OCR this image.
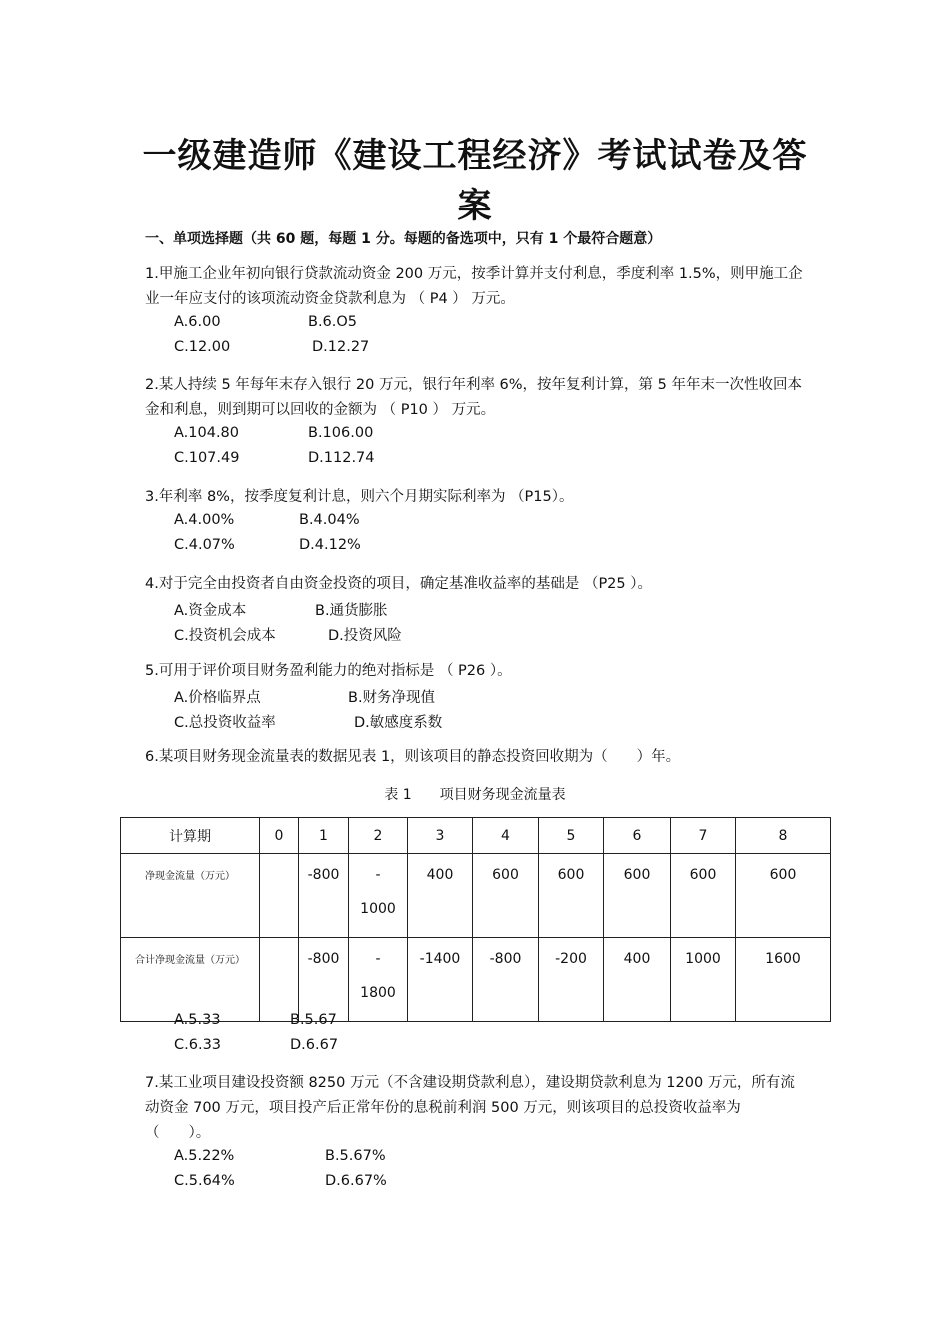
一级建造师《建设工程经济》考试试卷及答
案
一、单项选择题（共 60 题，每题 1 分。每题的备选项中，只有 1 个最符合题意）
1.甲施工企业年初向银行贷款流动资金 200 万元，按季计算并支付利息，季度利率 1.5%，则甲施工企业一年应支付的该项流动资金贷款利息为 （ P4 ） 万元。
A.6.00	B.6.O5
C.12.00	D.12.27
2.某人持续 5 年每年末存入银行 20 万元，银行年利率 6%，按年复利计算，第 5 年年末一次性收回本金和利息，则到期可以回收的金额为 （ P10 ） 万元。
A.104.80	B.106.00
C.107.49	D.112.74
3.年利率 8%，按季度复利计息，则六个月期实际利率为 （P15）。
A.4.00%	B.4.04%
C.4.07%	D.4.12%
4.对于完全由投资者自由资金投资的项目，确定基准收益率的基础是 （P25 ）。
A.资金成本	B.通货膨胀
C.投资机会成本	D.投资风险
5.可用于评价项目财务盈利能力的绝对指标是 （ P26 ）。
A.价格临界点	B.财务净现值
C.总投资收益率	D.敏感度系数
6.某项目财务现金流量表的数据见表 1，则该项目的静态投资回收期为（　　）年。
表 1　　项目财务现金流量表
计算期	0	1	2	3	4	5	6	7	8
净现金流量（万元）		-800	-
1000	400	600	600	600	600	600
合计净现金流量（万元）		-800	-
1800	-1400	-800	-200	400	1000	1600
A.5.33	B.5.67
C.6.33	D.6.67
7.某工业项目建设投资额 8250 万元（不含建设期贷款利息），建设期贷款利息为 1200 万元，所有流动资金 700 万元，项目投产后正常年份的息税前利润 500 万元，则该项目的总投资收益率为（　　）。
A.5.22%	B.5.67%
C.5.64%	D.6.67%
